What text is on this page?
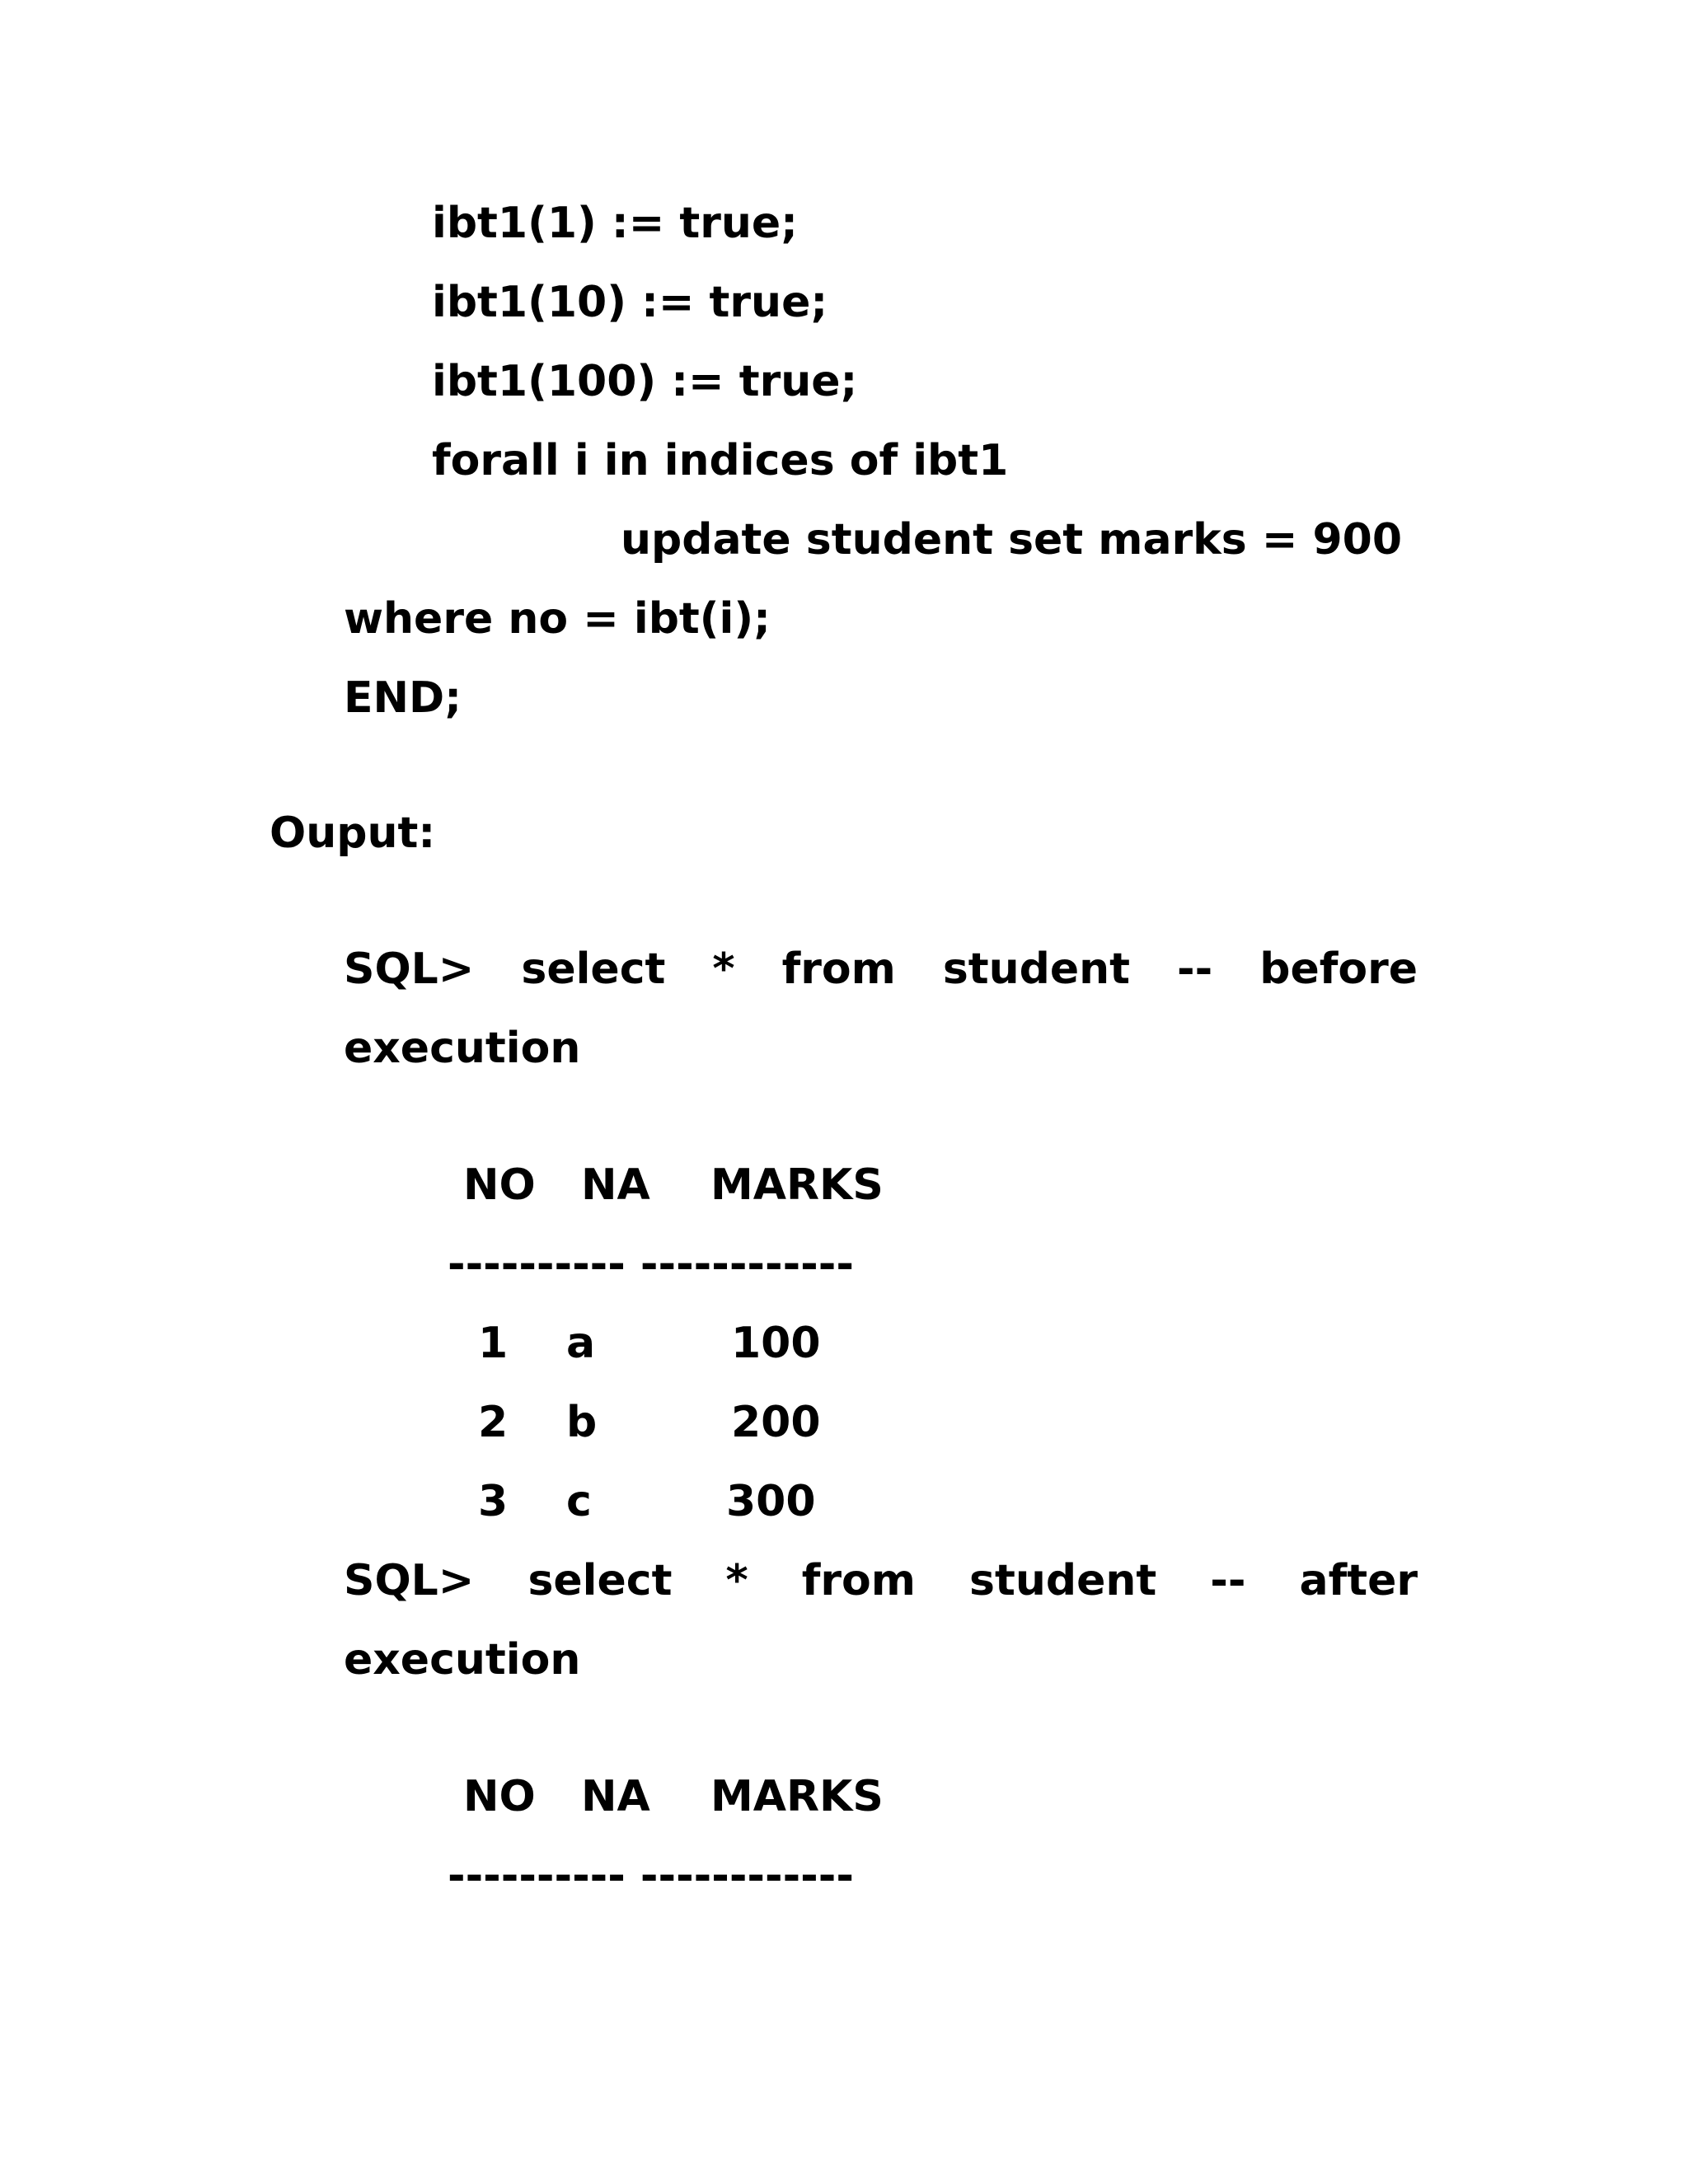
ibt1(1) := true;
ibt1(10) := true;
ibt1(100) := true;
forall i in indices of ibt1
update student set marks = 900
where no = ibt(i);
END;
Ouput:
SQL> select * from student -- before
execution
NO NA MARKS
---------- ------------
1 a	100
2 b	200
3 c	300
SQL> select * from student -- after
execution
NO NA MARKS
---------- ------------
